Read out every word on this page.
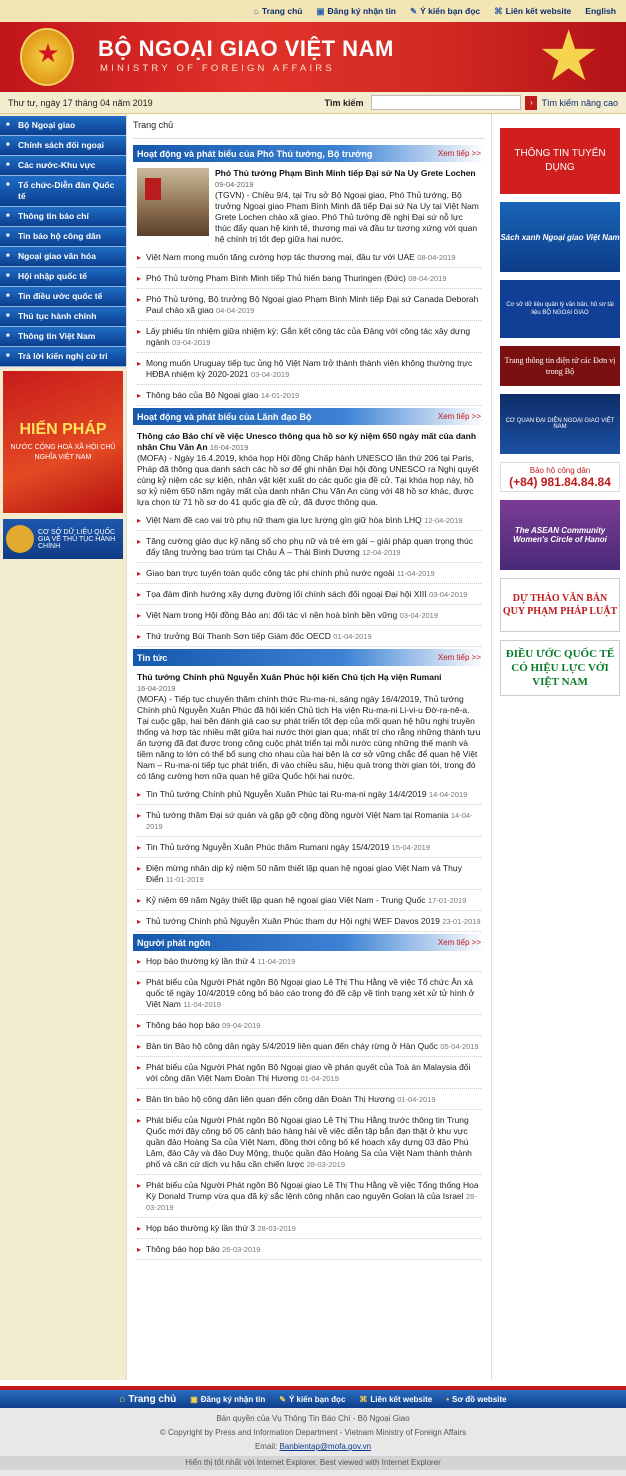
⌂ Trang chủ ▣ Đăng ký nhận tin ✎ Ý kiến bạn đọc ⌘ Liên kết website English
★ BỘ NGOẠI GIAO VIỆT NAM
MINISTRY OF FOREIGN AFFAIRS	★
Thư tư, ngày 17 tháng 04 năm 2019	Tìm kiếm	› Tìm kiếm nâng cao
■ Bộ Ngoại giao
■ Chính sách đối ngoại
■ Các nước-Khu vực
■ Tổ chức-Diễn đàn Quốc tế
■ Thông tin báo chí
■ Tin bảo hộ công dân
■ Ngoại giao văn hóa
■ Hội nhập quốc tế
■ Tin điều ước quốc tế
■ Thủ tục hành chính
■ Thông tin Việt Nam
■ Trả lời kiến nghị cử tri
HIẾN PHÁP
NƯỚC CỘNG HOÀ XÃ HỘI CHỦ NGHĨA VIỆT NAM
CƠ SỞ DỮ LIỆU QUỐC GIA VỀ THỦ TỤC HÀNH CHÍNH
Trang chủ
Hoạt động và phát biểu của Phó Thủ tướng, Bộ trưởng	Xem tiếp >>
Phó Thủ tướng Phạm Bình Minh tiếp Đại sứ Na Uy Grete Lochen 09-04-2019
(TGVN) - Chiều 9/4, tại Trụ sở Bộ Ngoại giao, Phó Thủ tướng, Bộ trưởng Ngoại giao Phạm Bình Minh đã tiếp Đại sứ Na Uy tại Việt Nam Grete Lochen chào xã giao. Phó Thủ tướng đề nghị Đại sứ nỗ lực thúc đẩy quan hệ kinh tế, thương mại và đầu tư tương xứng với quan hệ chính trị tốt đẹp giữa hai nước.
▸ Việt Nam mong muốn tăng cường hợp tác thương mại, đầu tư với UAE 08-04-2019
▸ Phó Thủ tướng Phạm Bình Minh tiếp Thủ hiến bang Thuringen (Đức) 08-04-2019
▸ Phó Thủ tướng, Bộ trưởng Bộ Ngoại giao Phạm Bình Minh tiếp Đại sứ Canada Deborah Paul chào xã giao 04-04-2019
▸ Lấy phiếu tín nhiệm giữa nhiệm kỳ: Gắn kết công tác của Đảng với công tác xây dựng ngành 03-04-2019
▸ Mong muốn Uruguay tiếp tục ủng hộ Việt Nam trở thành thành viên không thường trực HĐBA nhiệm kỳ 2020-2021 03-04-2019
▸ Thông báo của Bộ Ngoại giao 14-01-2019
Hoạt động và phát biểu của Lãnh đạo Bộ	Xem tiếp >>
Thông cáo Báo chí về việc Unesco thông qua hồ sơ kỷ niệm 650 ngày mất của danh nhân Chu Văn An 16-04-2019
(MOFA) - Ngày 16.4.2019, khóa họp Hội đồng Chấp hành UNESCO lần thứ 206 tại Paris, Pháp đã thông qua danh sách các hồ sơ để ghi nhận Đại hội đồng UNESCO ra Nghị quyết cùng kỷ niệm các sự kiện, nhân vật kiệt xuất do các quốc gia đề cử. Tại khóa họp này, hồ sơ kỷ niệm 650 năm ngày mất của danh nhân Chu Văn An cùng với 48 hồ sơ khác, được lựa chọn từ 71 hồ sơ do 41 quốc gia đề cử, đã được thông qua.
▸ Việt Nam đề cao vai trò phụ nữ tham gia lực lượng gìn giữ hòa bình LHQ 12-04-2019
▸ Tăng cường giáo dục kỹ năng số cho phụ nữ và trẻ em gái – giải pháp quan trọng thúc đẩy tăng trưởng bao trùm tại Châu Á – Thái Bình Dương 12-04-2019
▸ Giao ban trực tuyến toàn quốc công tác phi chính phủ nước ngoài 11-04-2019
▸ Tọa đàm định hướng xây dựng đường lối chính sách đối ngoại Đại hội XIII 03-04-2019
▸ Việt Nam trong Hội đồng Bảo an: đối tác vì nền hoà bình bền vững 03-04-2019
▸ Thứ trưởng Bùi Thanh Sơn tiếp Giám đốc OECD 01-04-2019
Tin tức	Xem tiếp >>
Thủ tướng Chính phủ Nguyễn Xuân Phúc hội kiến Chủ tịch Hạ viện Rumani
16-04-2019
(MOFA) - Tiếp tục chuyến thăm chính thức Ru-ma-ni, sáng ngày 16/4/2019, Thủ tướng Chính phủ Nguyễn Xuân Phúc đã hội kiến Chủ tịch Hạ viện Ru-ma-ni Li-vi-u Đờ-ra-nê-a. Tại cuộc gặp, hai bên đánh giá cao sự phát triển tốt đẹp của mối quan hệ hữu nghị truyền thống và hợp tác nhiều mặt giữa hai nước thời gian qua; nhất trí cho rằng những thành tựu ấn tượng đã đạt được trong công cuộc phát triển tại mỗi nước cùng những thế mạnh và tiềm năng to lớn có thể bổ sung cho nhau của hai bên là cơ sở vững chắc để quan hệ Việt Nam – Ru-ma-ni tiếp tục phát triển, đi vào chiều sâu, hiệu quả trong thời gian tới, trong đó có tăng cường hơn nữa quan hệ giữa Quốc hội hai nước.
▸ Tin Thủ tướng Chính phủ Nguyễn Xuân Phúc tại Ru-ma-ni ngày 14/4/2019 14-04-2019
▸ Thủ tướng thăm Đại sứ quán và gặp gỡ cộng đồng người Việt Nam tại Romania 14-04-2019
▸ Tin Thủ tướng Nguyễn Xuân Phúc thăm Rumani ngày 15/4/2019 15-04-2019
▸ Điện mừng nhân dịp kỷ niệm 50 năm thiết lập quan hệ ngoại giao Việt Nam và Thụy Điển 11-01-2019
▸ Kỷ niệm 69 năm Ngày thiết lập quan hệ ngoại giao Việt Nam - Trung Quốc 17-01-2019
▸ Thủ tướng Chính phủ Nguyễn Xuân Phúc tham dự Hội nghị WEF Davos 2019 23-01-2019
Người phát ngôn	Xem tiếp >>
▸ Họp báo thường kỳ lần thứ 4 11-04-2019
▸ Phát biểu của Người Phát ngôn Bộ Ngoại giao Lê Thị Thu Hằng về việc Tổ chức Ân xá quốc tế ngày 10/4/2019 công bố báo cáo trong đó đề cập về tình trạng xét xử tử hình ở Việt Nam 11-04-2019
▸ Thông báo họp báo 09-04-2019
▸ Bản tin Bảo hộ công dân ngày 5/4/2019 liên quan đến cháy rừng ở Hàn Quốc 05-04-2019
▸ Phát biểu của Người Phát ngôn Bộ Ngoại giao về phán quyết của Toà án Malaysia đối với công dân Việt Nam Đoàn Thị Hương 01-04-2019
▸ Bản tin bảo hộ công dân liên quan đến công dân Đoàn Thị Hương 01-04-2019
▸ Phát biểu của Người Phát ngôn Bộ Ngoại giao Lê Thị Thu Hằng trước thông tin Trung Quốc mới đây công bố 05 cảnh báo hàng hải về việc diễn tập bắn đạn thật ở khu vực quần đảo Hoàng Sa của Việt Nam, đồng thời công bố kế hoạch xây dựng 03 đảo Phú Lâm, đảo Cây và đảo Duy Mộng, thuộc quần đảo Hoàng Sa của Việt Nam thành thành phố và căn cứ dịch vụ hậu cần chiến lược 28-03-2019
▸ Phát biểu của Người Phát ngôn Bộ Ngoại giao Lê Thị Thu Hằng về việc Tổng thống Hoa Kỳ Donald Trump vừa qua đã ký sắc lệnh công nhận cao nguyên Golan là của Israel 28-03-2019
▸ Họp báo thường kỳ lần thứ 3 28-03-2019
▸ Thông báo họp báo 26-03-2019
THÔNG TIN TUYỂN DỤNG
Sách xanh Ngoại giao Việt Nam
Cơ sở dữ liệu quản lý văn bản, hồ sơ tài liệu BỘ NGOẠI GIAO
Trang thông tin điện tử các Đơn vị trong Bộ
CƠ QUAN ĐẠI DIỆN NGOẠI GIAO VIỆT NAM
Bảo hộ công dân
(+84) 981.84.84.84
The ASEAN Community Women's Circle of Hanoi
DỰ THẢO VĂN BẢN QUY PHẠM PHÁP LUẬT
ĐIỀU ƯỚC QUỐC TẾ CÓ HIỆU LỰC VỚI VIỆT NAM
⌂ Trang chủ ▣ Đăng ký nhận tin ✎ Ý kiến bạn đọc ⌘ Liên kết website • Sơ đồ website
Bản quyền của Vụ Thông Tin Báo Chí - Bộ Ngoại Giao
© Copyright by Press and Information Department - Vietnam Ministry of Foreign Affairs
Email: Banbientap@mofa.gov.vn
Hiển thị tốt nhất với Internet Explorer. Best viewed with Internet Explorer
